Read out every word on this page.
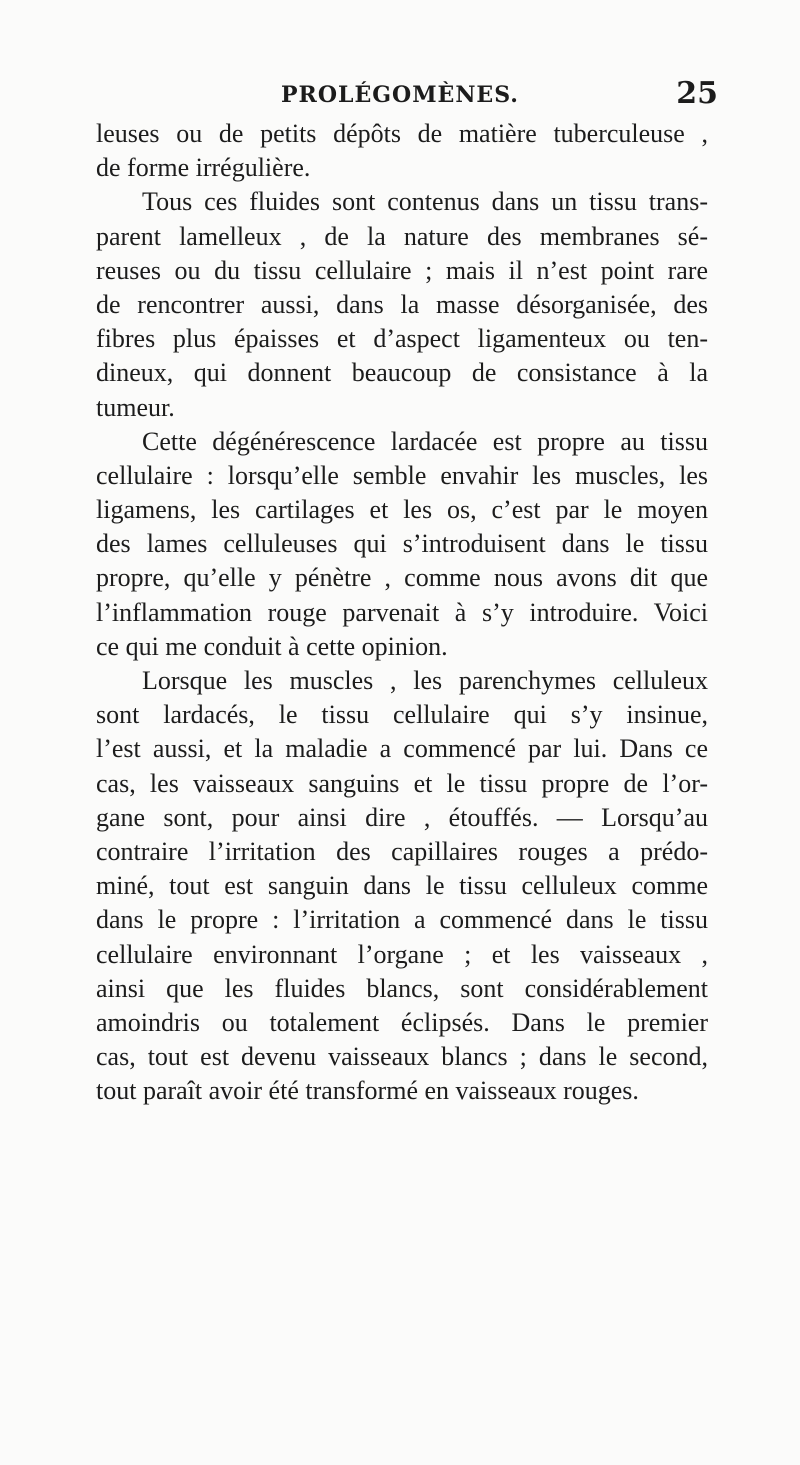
PROLÉGOMÈNES.	25
leuses ou de petits dépôts de matière tuberculeuse ,
de forme irrégulière.
Tous ces fluides sont contenus dans un tissu trans-
parent lamelleux , de la nature des membranes sé-
reuses ou du tissu cellulaire ; mais il n’est point rare
de rencontrer aussi, dans la masse désorganisée, des
fibres plus épaisses et d’aspect ligamenteux ou ten-
dineux, qui donnent beaucoup de consistance à la
tumeur.
Cette dégénérescence lardacée est propre au tissu
cellulaire : lorsqu’elle semble envahir les muscles, les
ligamens, les cartilages et les os, c’est par le moyen
des lames celluleuses qui s’introduisent dans le tissu
propre, qu’elle y pénètre , comme nous avons dit que
l’inflammation rouge parvenait à s’y introduire. Voici
ce qui me conduit à cette opinion.
Lorsque les muscles , les parenchymes celluleux
sont lardacés, le tissu cellulaire qui s’y insinue,
l’est aussi, et la maladie a commencé par lui. Dans ce
cas, les vaisseaux sanguins et le tissu propre de l’or-
gane sont, pour ainsi dire , étouffés. — Lorsqu’au
contraire l’irritation des capillaires rouges a prédo-
miné, tout est sanguin dans le tissu celluleux comme
dans le propre : l’irritation a commencé dans le tissu
cellulaire environnant l’organe ; et les vaisseaux ,
ainsi que les fluides blancs, sont considérablement
amoindris ou totalement éclipsés. Dans le premier
cas, tout est devenu vaisseaux blancs ; dans le second,
tout paraît avoir été transformé en vaisseaux rouges.
